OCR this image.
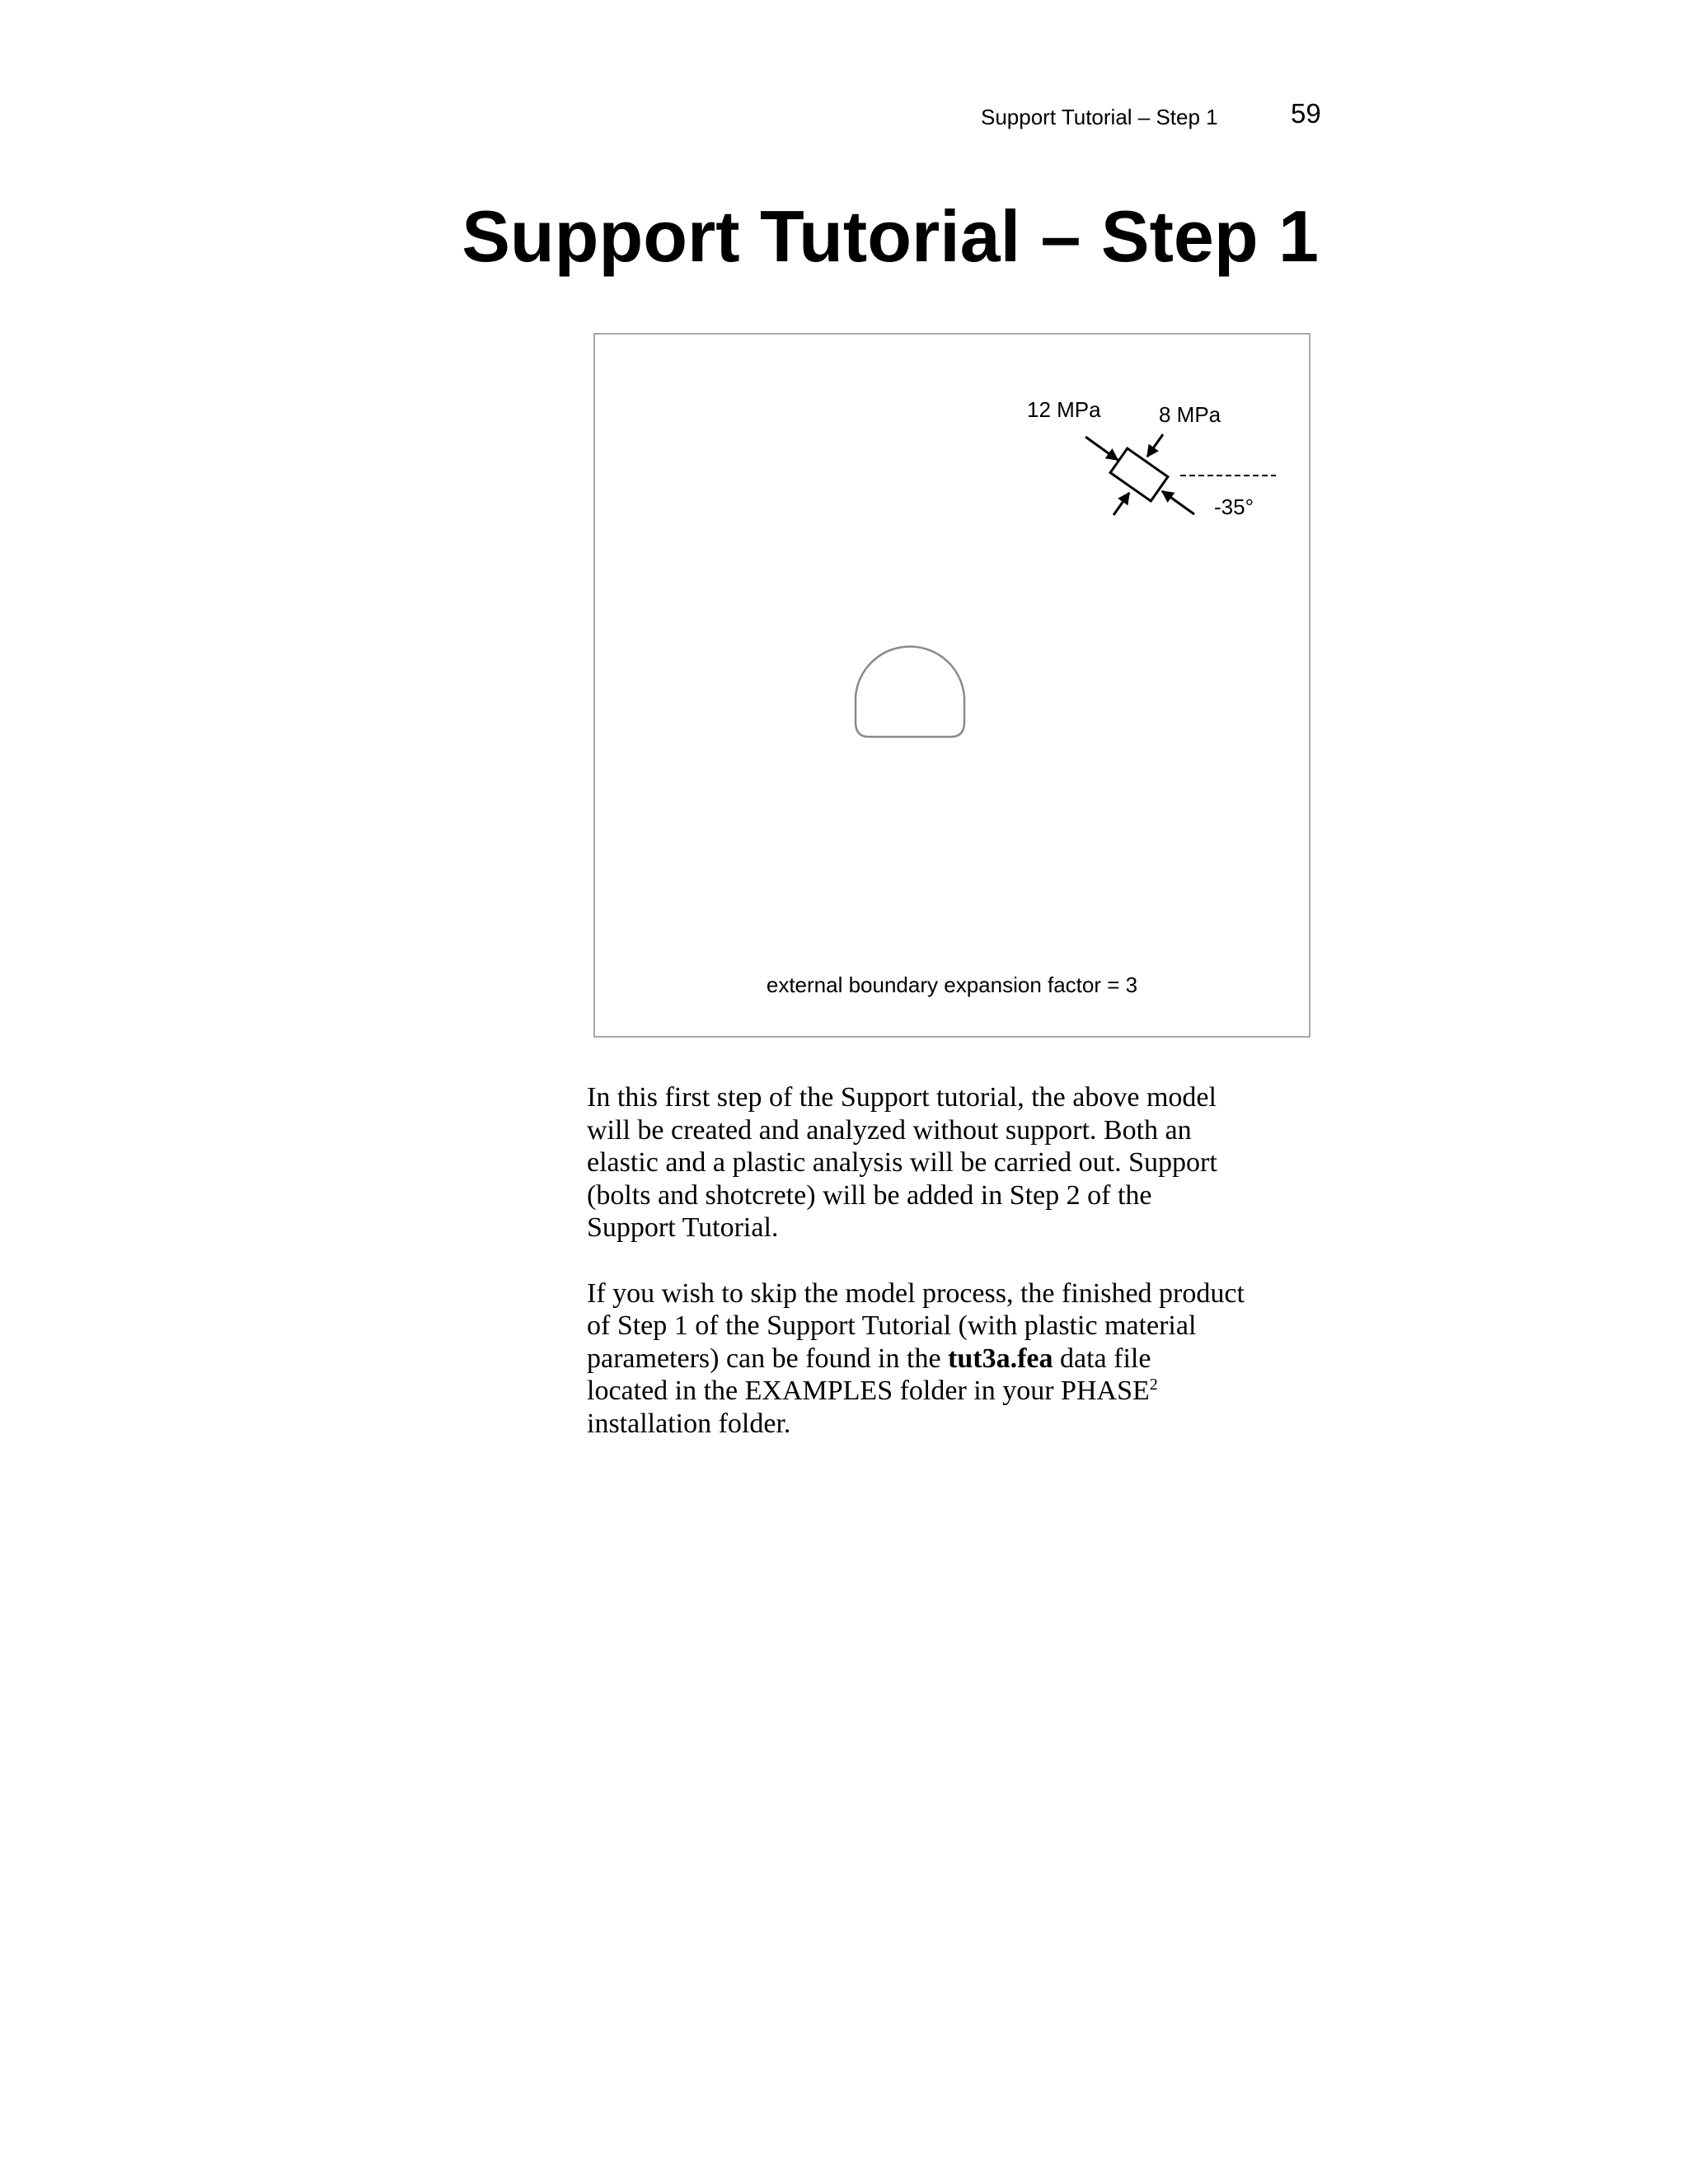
Support Tutorial – Step 1	59
Support Tutorial – Step 1
12 MPa	8 MPa
-35°
external boundary expansion factor = 3

In this first step of the Support tutorial, the above model
will be created and analyzed without support. Both an
elastic and a plastic analysis will be carried out. Support
(bolts and shotcrete) will be added in Step 2 of the
Support Tutorial.

If you wish to skip the model process, the finished product
of Step 1 of the Support Tutorial (with plastic material
parameters) can be found in the tut3a.fea data file
located in the EXAMPLES folder in your PHASE$^2$
installation folder.
